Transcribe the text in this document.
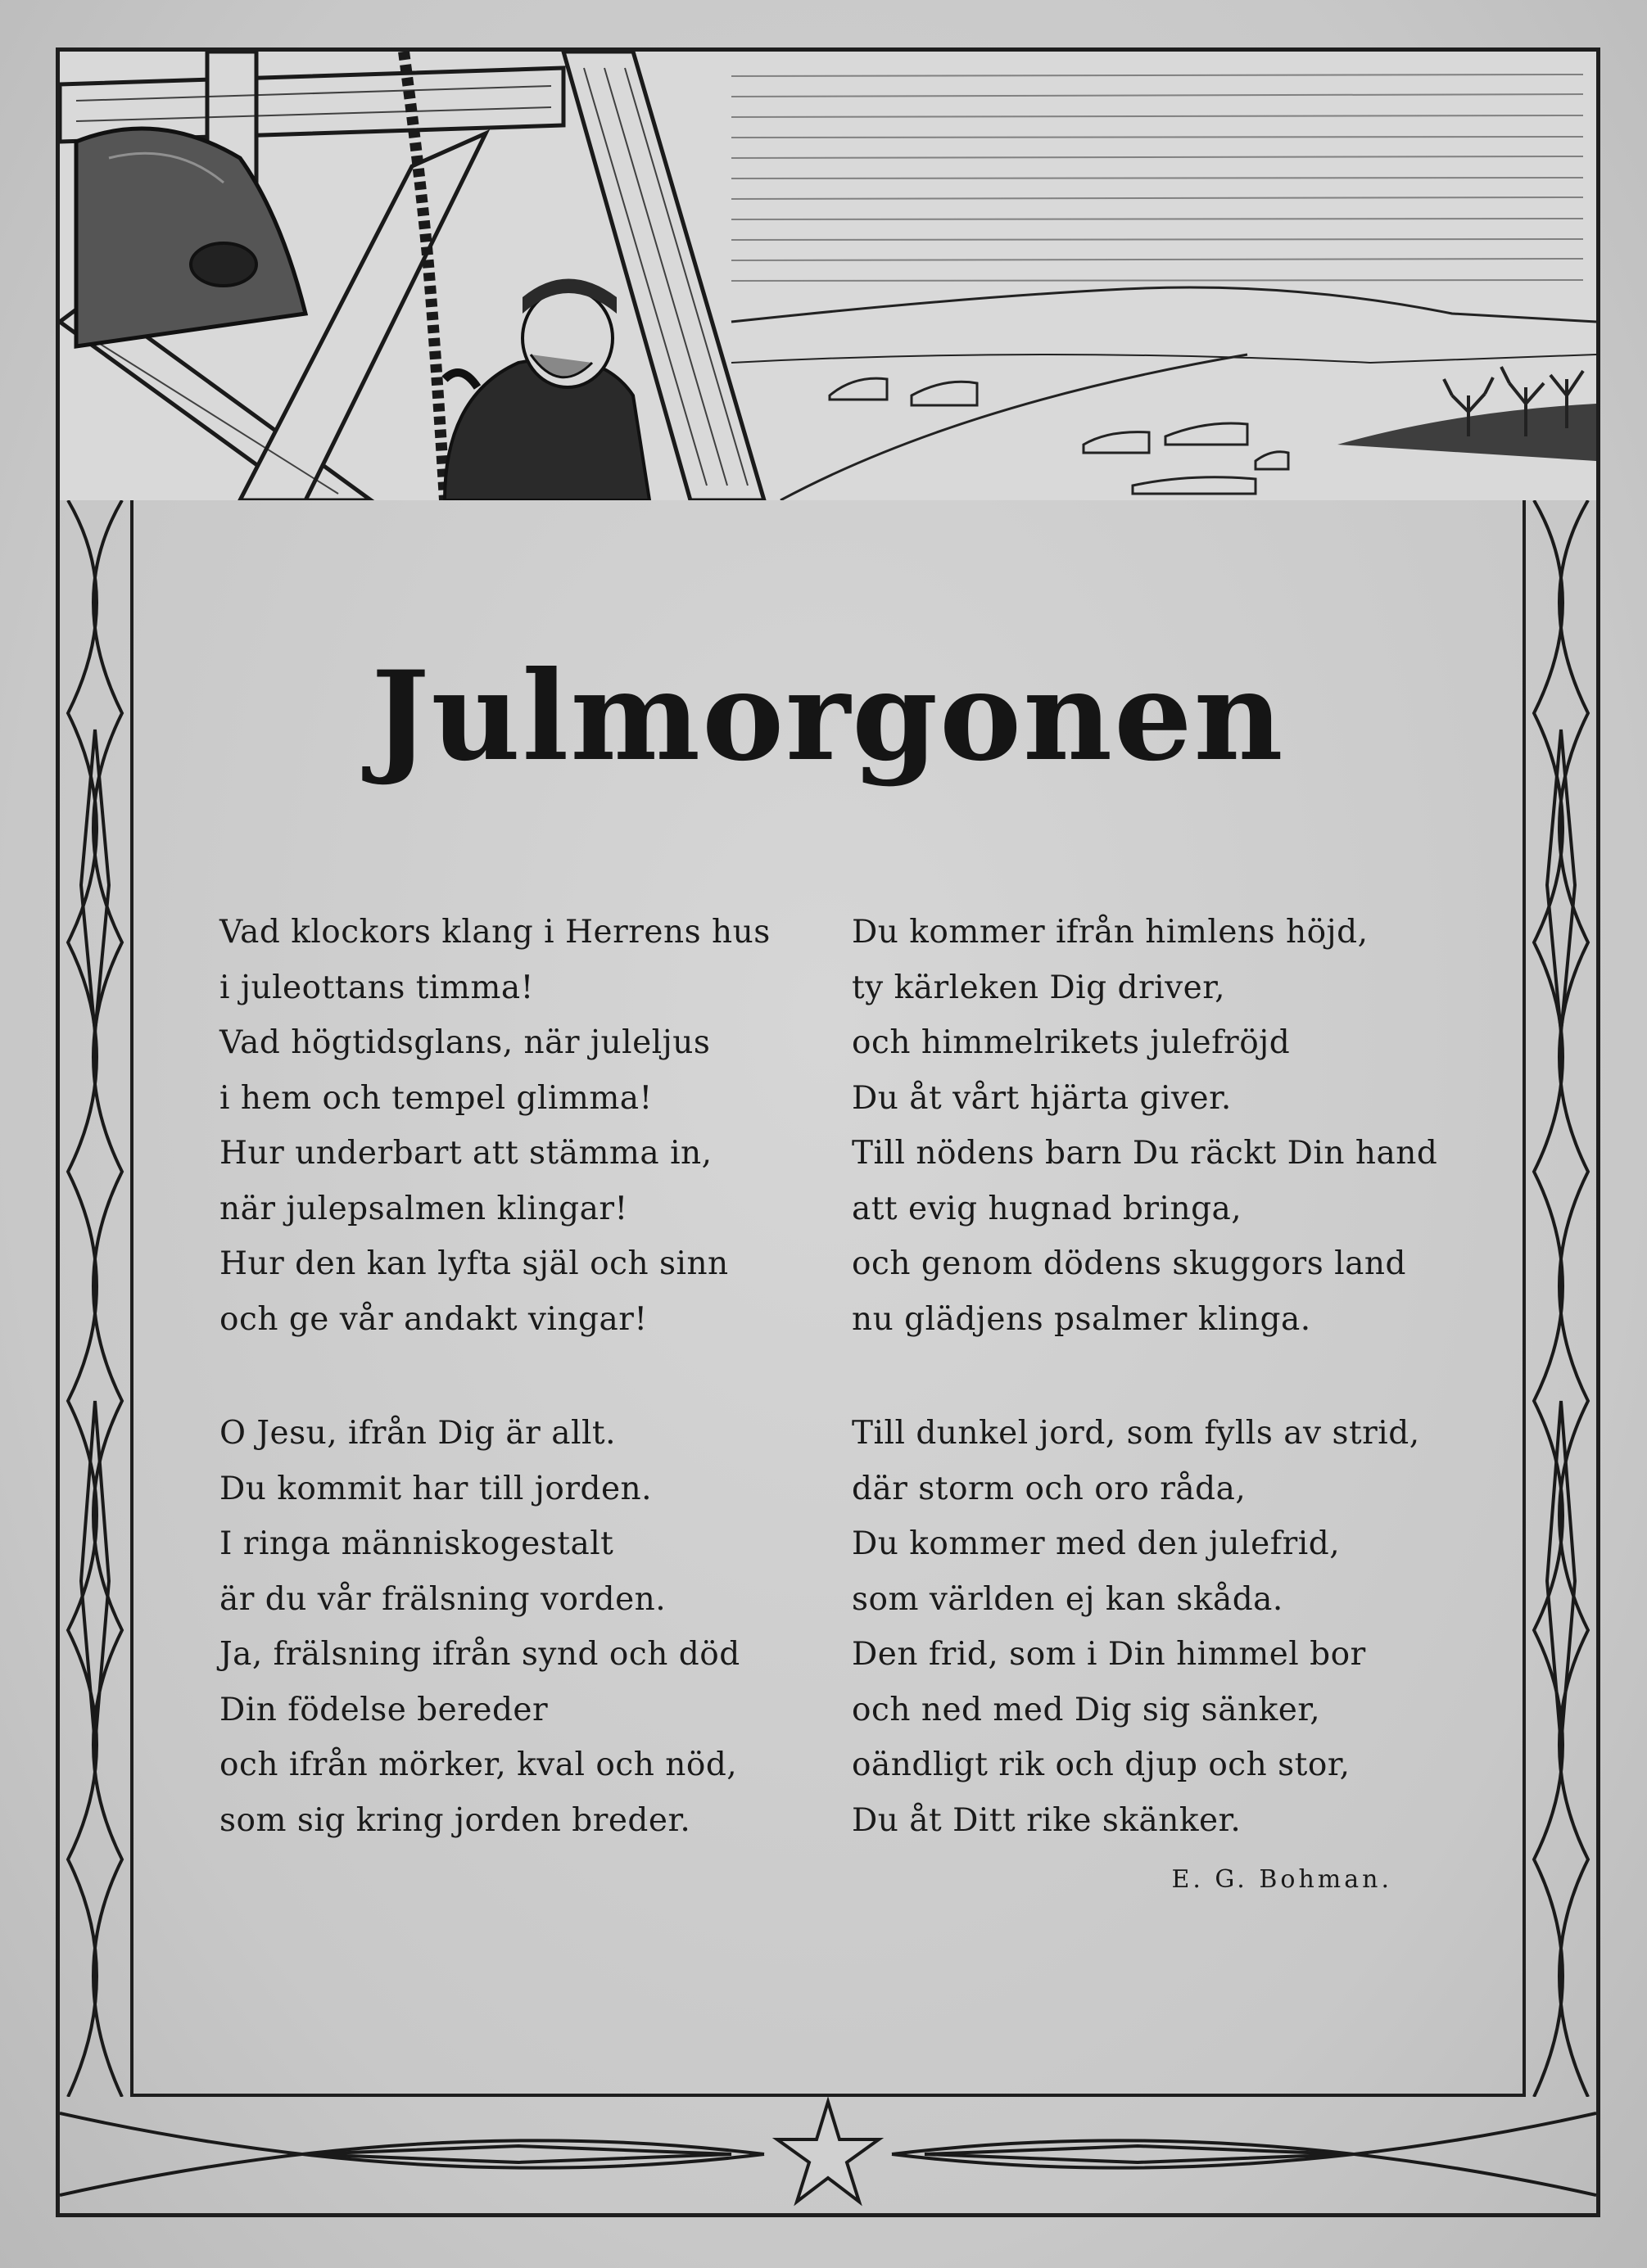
Julmorgonen

Vad klockors klang i Herrens hus
i juleottans timma!
Vad högtidsglans, när juleljus
i hem och tempel glimma!
Hur underbart att stämma in,
när julepsalmen klingar!
Hur den kan lyfta själ och sinn
och ge vår andakt vingar!

O Jesu, ifrån Dig är allt.
Du kommit har till jorden.
I ringa människogestalt
är du vår frälsning vorden.
Ja, frälsning ifrån synd och död
Din födelse bereder
och ifrån mörker, kval och nöd,
som sig kring jorden breder.

Du kommer ifrån himlens höjd,
ty kärleken Dig driver,
och himmelrikets julefröjd
Du åt vårt hjärta giver.
Till nödens barn Du räckt Din hand
att evig hugnad bringa,
och genom dödens skuggors land
nu glädjens psalmer klinga.

Till dunkel jord, som fylls av strid,
där storm och oro råda,
Du kommer med den julefrid,
som världen ej kan skåda.
Den frid, som i Din himmel bor
och ned med Dig sig sänker,
oändligt rik och djup och stor,
Du åt Ditt rike skänker.

E. G. Bohman.
